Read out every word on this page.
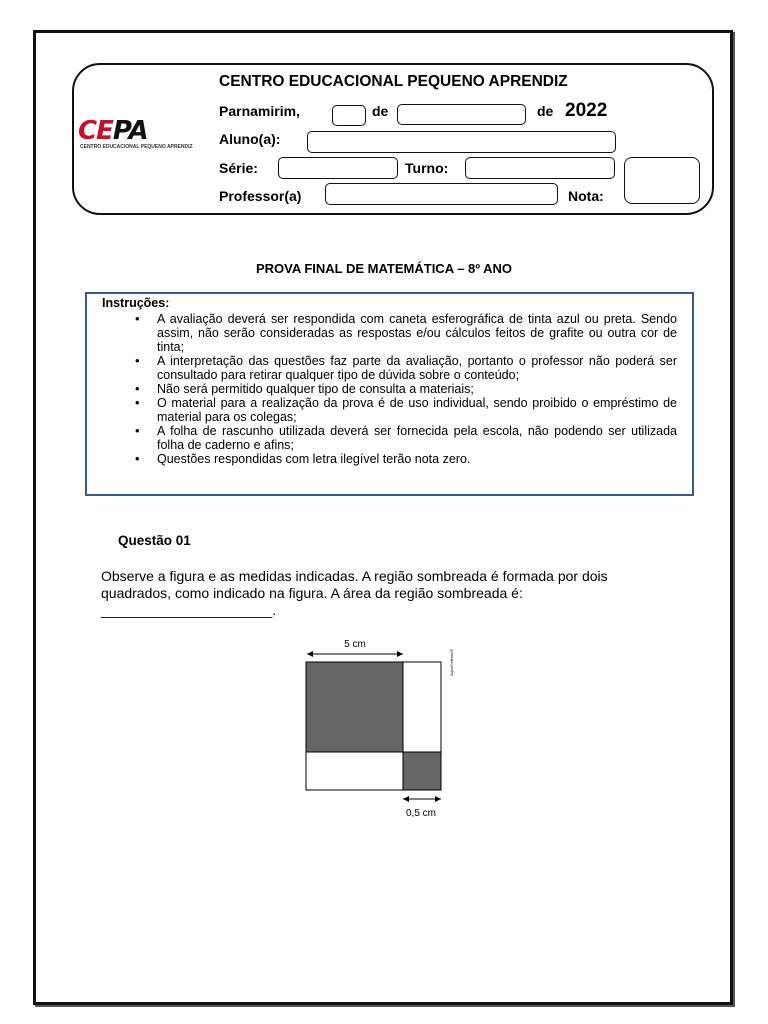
CEPA
CENTRO EDUCACIONAL PEQUENO APRENDIZ
CENTRO EDUCACIONAL PEQUENO APRENDIZ
Parnamirim,	de	de 2022
Aluno(a):
Série:	Turno:
Professor(a)	Nota:
PROVA FINAL DE MATEMÁTICA – 8º ANO
Instruções:
• A avaliação deverá ser respondida com caneta esferográfica de tinta azul ou preta. Sendo assim, não serão consideradas as respostas e/ou cálculos feitos de grafite ou outra cor de tinta;
• A interpretação das questões faz parte da avaliação, portanto o professor não poderá ser consultado para retirar qualquer tipo de dúvida sobre o conteúdo;
• Não será permitido qualquer tipo de consulta a materiais;
• O material para a realização da prova é de uso individual, sendo proibido o empréstimo de material para os colegas;
• A folha de rascunho utilizada deverá ser fornecida pela escola, não podendo ser utilizada folha de caderno e afins;
• Questões respondidas com letra ilegível terão nota zero.
Questão 01
Observe a figura e as medidas indicadas. A região sombreada é formada por dois quadrados, como indicado na figura. A área da região sombreada é: ______________________.
5 cm
SuperProfessor®
0,5 cm
